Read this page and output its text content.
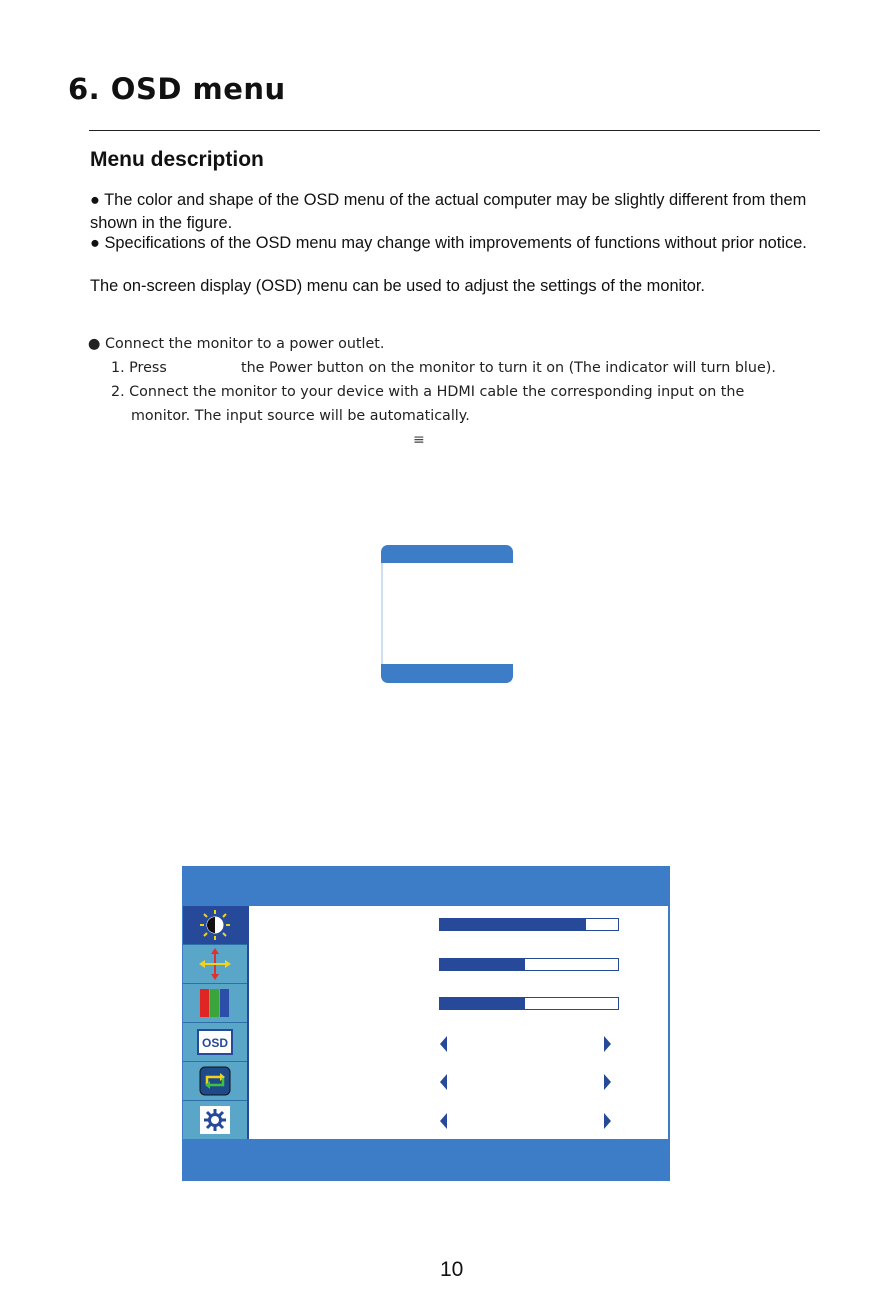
6. OSD menu
Menu description
● The color and shape of the OSD menu of the actual computer may be slightly different from them shown in the figure.
● Specifications of the OSD menu may change with improvements of functions without prior notice.
The on-screen display (OSD) menu can be used to adjust the settings of the monitor.
● Connect the monitor to a power outlet.
1. Press	the Power button on the monitor to turn it on (The indicator will turn blue).
2. Connect the monitor to your device with a HDMI cable the corresponding input on the
monitor. The input source will be automatically.
≡
OSD
10
